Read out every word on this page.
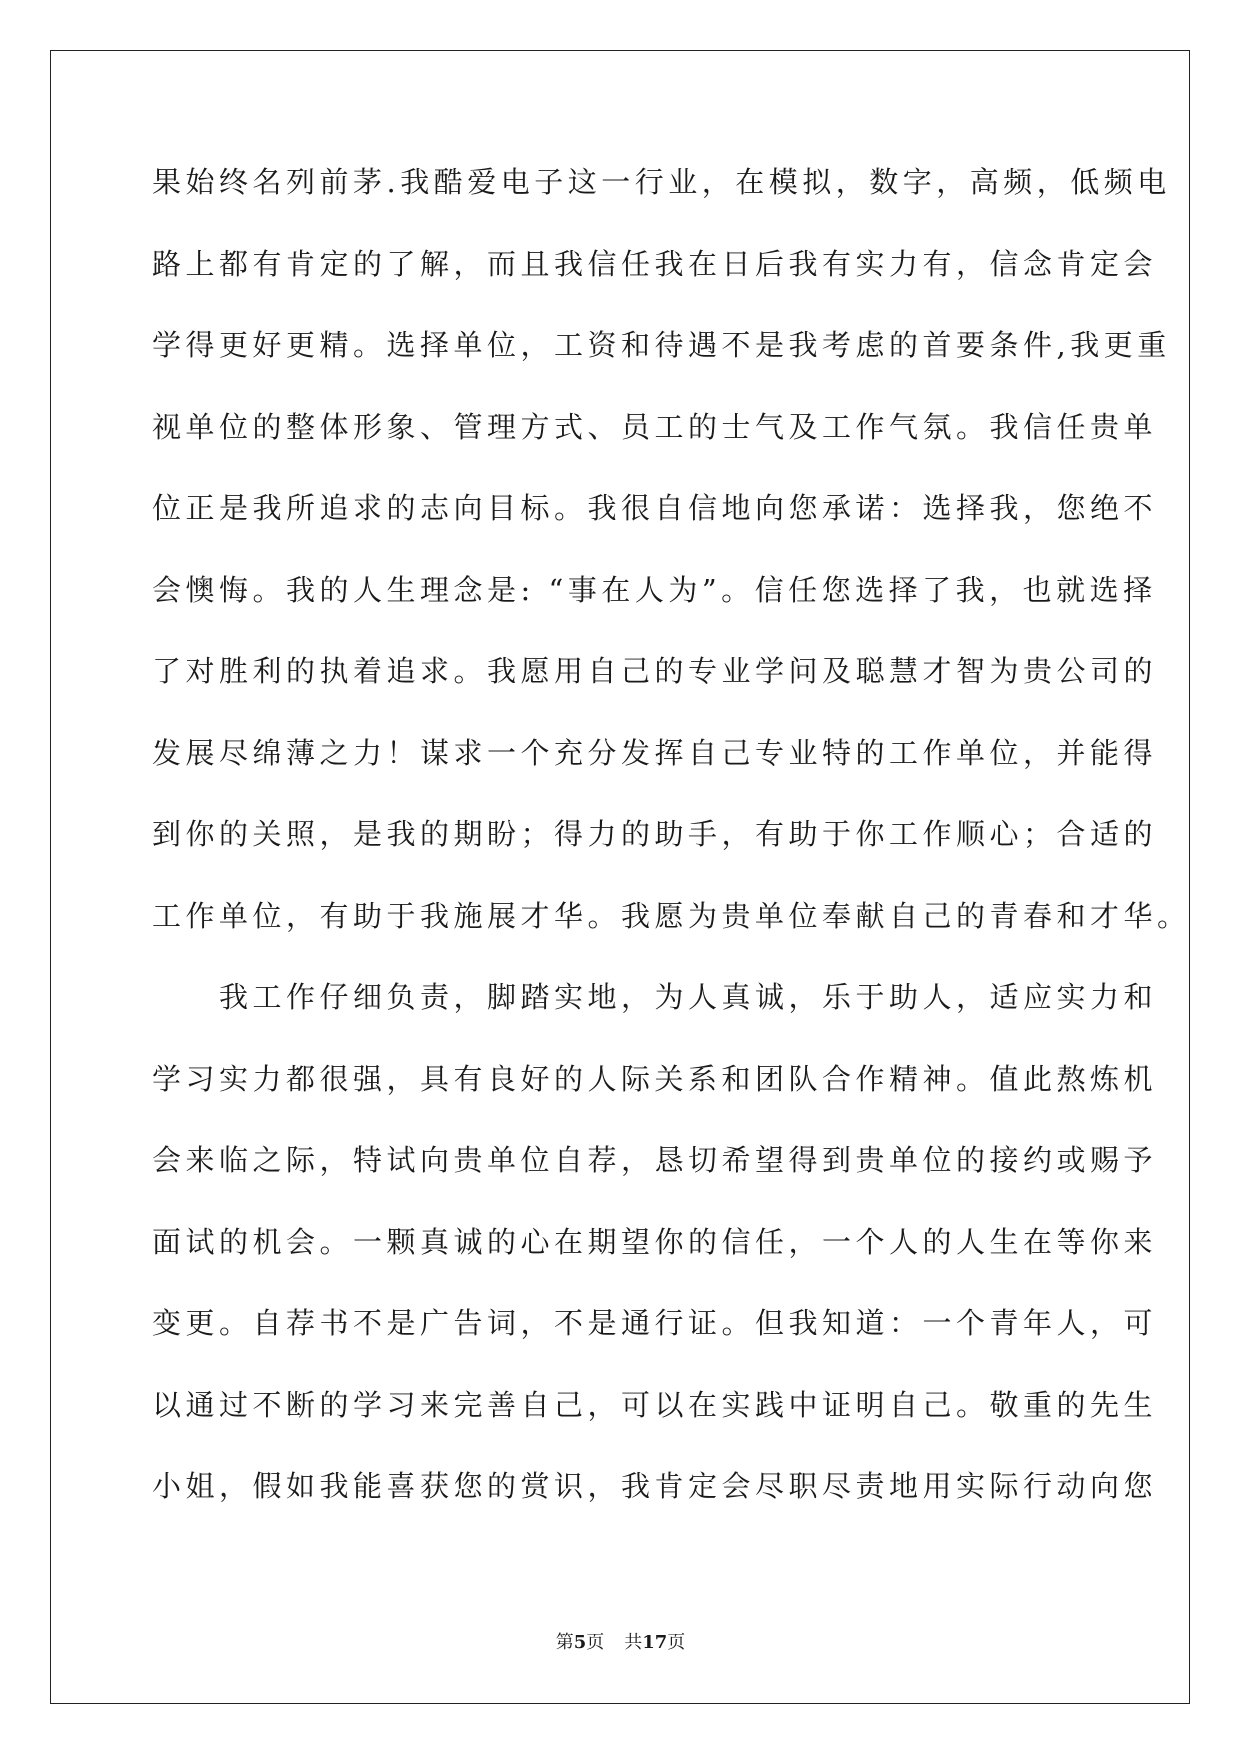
果始终名列前茅.我酷爱电子这一行业，在模拟，数字，高频，低频电
路上都有肯定的了解，而且我信任我在日后我有实力有，信念肯定会
学得更好更精。选择单位，工资和待遇不是我考虑的首要条件,我更重
视单位的整体形象、管理方式、员工的士气及工作气氛。我信任贵单
位正是我所追求的志向目标。我很自信地向您承诺：选择我，您绝不
会懊悔。我的人生理念是: “事在人为”。信任您选择了我，也就选择
了对胜利的执着追求。我愿用自己的专业学问及聪慧才智为贵公司的
发展尽绵薄之力！谋求一个充分发挥自己专业特的工作单位，并能得
到你的关照，是我的期盼；得力的助手，有助于你工作顺心；合适的
工作单位，有助于我施展才华。我愿为贵单位奉献自己的青春和才华。
　　我工作仔细负责，脚踏实地，为人真诚，乐于助人，适应实力和
学习实力都很强，具有良好的人际关系和团队合作精神。值此熬炼机
会来临之际，特试向贵单位自荐，恳切希望得到贵单位的接约或赐予
面试的机会。一颗真诚的心在期望你的信任，一个人的人生在等你来
变更。自荐书不是广告词，不是通行证。但我知道：一个青年人，可
以通过不断的学习来完善自己，可以在实践中证明自己。敬重的先生
小姐，假如我能喜获您的赏识，我肯定会尽职尽责地用实际行动向您
第5页 共17页
